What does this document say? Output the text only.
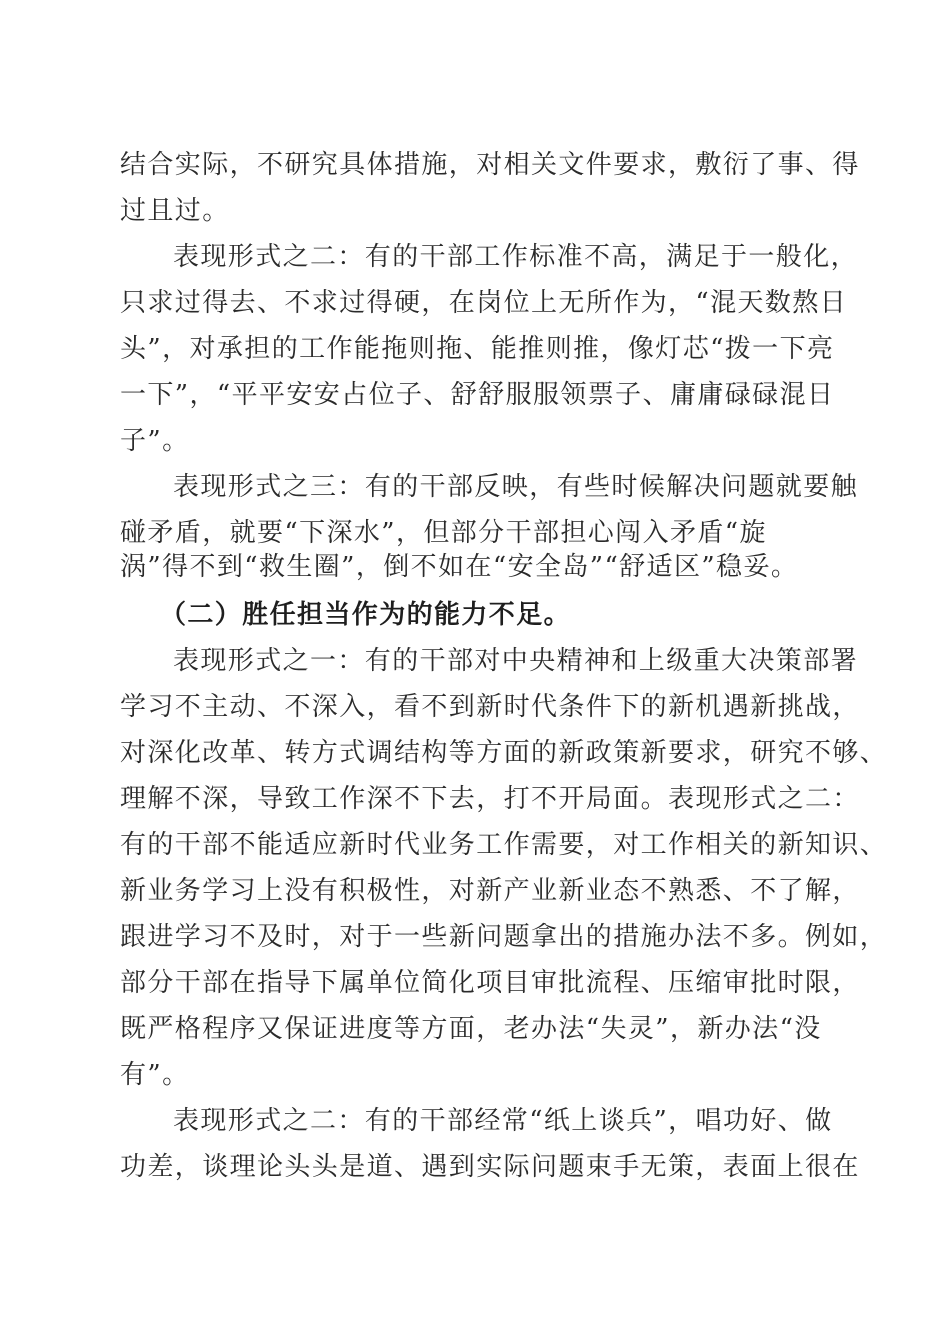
结合实际，不研究具体措施，对相关文件要求，敷衍了事、得

过且过。

表现形式之二：有的干部工作标准不高，满足于一般化，

只求过得去、不求过得硬，在岗位上无所作为，“混天数熬日

头”，对承担的工作能拖则拖、能推则推，像灯芯“拨一下亮

一下”，“平平安安占位子、舒舒服服领票子、庸庸碌碌混日

子”。

表现形式之三：有的干部反映，有些时候解决问题就要触

碰矛盾，就要“下深水”，但部分干部担心闯入矛盾“旋

涡”得不到“救生圈”，倒不如在“安全岛”“舒适区”稳妥。

（二）胜任担当作为的能力不足。

表现形式之一：有的干部对中央精神和上级重大决策部署

学习不主动、不深入，看不到新时代条件下的新机遇新挑战，

对深化改革、转方式调结构等方面的新政策新要求，研究不够、

理解不深，导致工作深不下去，打不开局面。表现形式之二：

有的干部不能适应新时代业务工作需要，对工作相关的新知识、

新业务学习上没有积极性，对新产业新业态不熟悉、不了解，

跟进学习不及时，对于一些新问题拿出的措施办法不多。例如，

部分干部在指导下属单位简化项目审批流程、压缩审批时限，

既严格程序又保证进度等方面，老办法“失灵”，新办法“没

有”。

表现形式之二：有的干部经常“纸上谈兵”，唱功好、做

功差，谈理论头头是道、遇到实际问题束手无策，表面上很在
